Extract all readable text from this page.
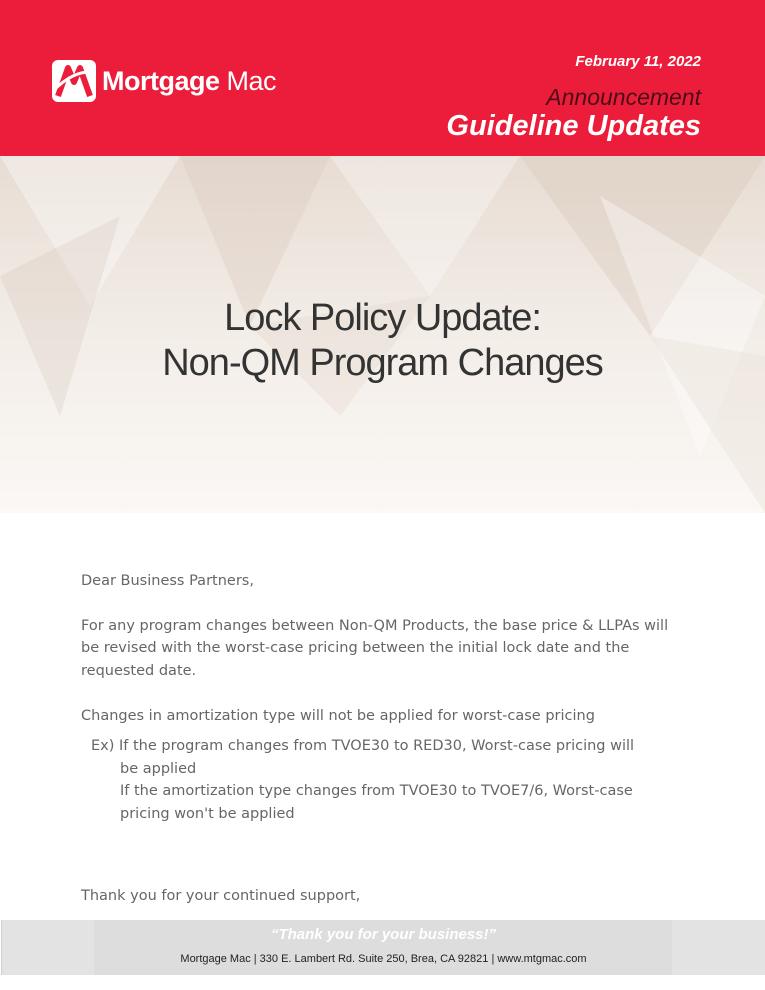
Mortgage Mac
February 11, 2022
Announcement
Guideline Updates
Lock Policy Update:
Non-QM Program Changes

Dear Business Partners,

For any program changes between Non-QM Products, the base price & LLPAs will be revised with the worst-case pricing between the initial lock date and the requested date.

Changes in amortization type will not be applied for worst-case pricing

Ex) If the program changes from TVOE30 to RED30, Worst-case pricing will
be applied
If the amortization type changes from TVOE30 to TVOE7/6, Worst-case
pricing won't be applied

Thank you for your continued support,

“Thank you for your business!”
Mortgage Mac | 330 E. Lambert Rd. Suite 250, Brea, CA 92821 | www.mtgmac.com
